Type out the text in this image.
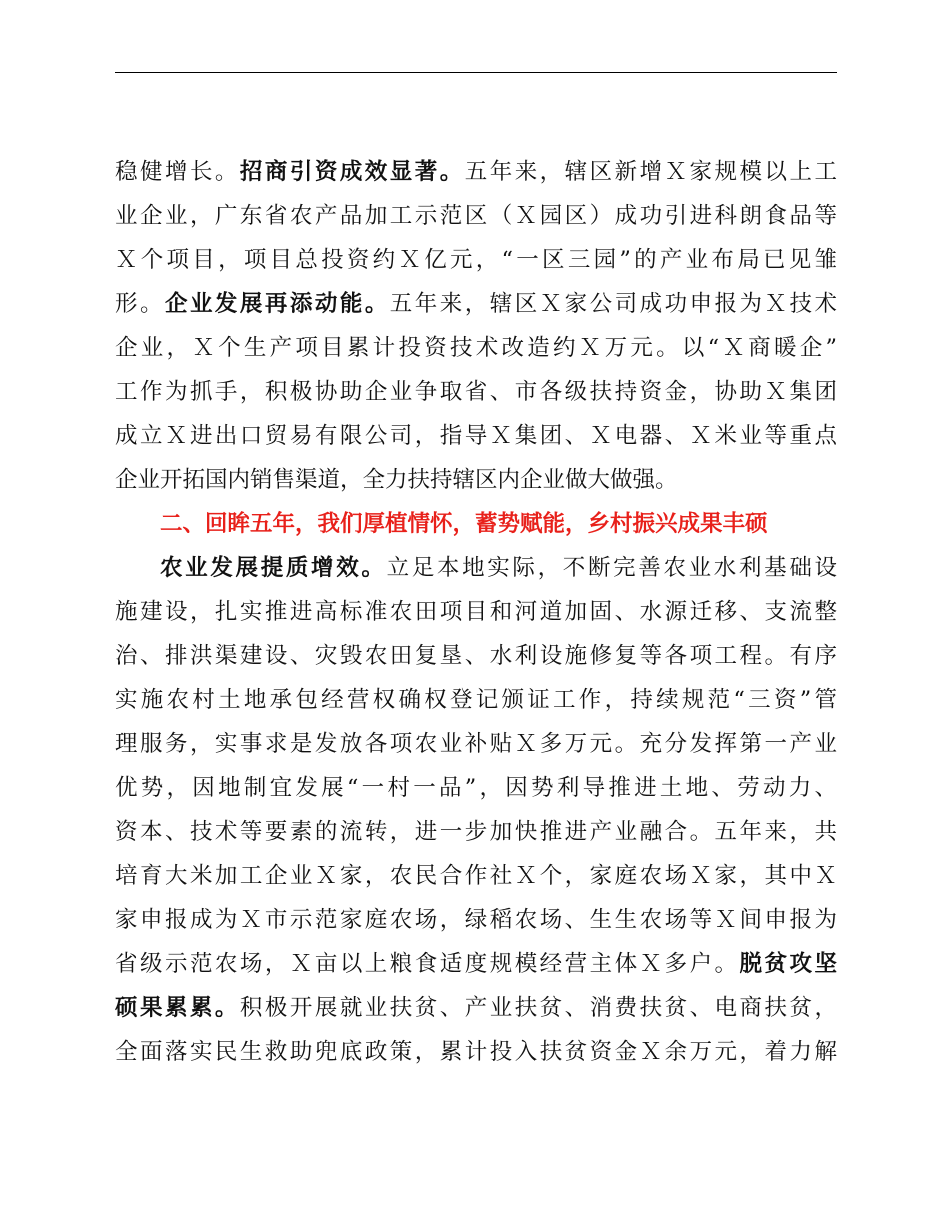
稳健增长。招商引资成效显著。五年来，辖区新增Ｘ家规模以上工
业企业，广东省农产品加工示范区（Ｘ园区）成功引进科朗食品等
Ｘ个项目，项目总投资约Ｘ亿元，“一区三园”的产业布局已见雏
形。企业发展再添动能。五年来，辖区Ｘ家公司成功申报为Ｘ技术
企业，Ｘ个生产项目累计投资技术改造约Ｘ万元。以“Ｘ商暖企”
工作为抓手，积极协助企业争取省、市各级扶持资金，协助Ｘ集团
成立Ｘ进出口贸易有限公司，指导Ｘ集团、Ｘ电器、Ｘ米业等重点
企业开拓国内销售渠道，全力扶持辖区内企业做大做强。
二、回眸五年，我们厚植情怀，蓄势赋能，乡村振兴成果丰硕
农业发展提质增效。立足本地实际，不断完善农业水利基础设
施建设，扎实推进高标准农田项目和河道加固、水源迁移、支流整
治、排洪渠建设、灾毁农田复垦、水利设施修复等各项工程。有序
实施农村土地承包经营权确权登记颁证工作，持续规范“三资”管
理服务，实事求是发放各项农业补贴Ｘ多万元。充分发挥第一产业
优势，因地制宜发展“一村一品”，因势利导推进土地、劳动力、
资本、技术等要素的流转，进一步加快推进产业融合。五年来，共
培育大米加工企业Ｘ家，农民合作社Ｘ个，家庭农场Ｘ家，其中Ｘ
家申报成为Ｘ市示范家庭农场，绿稻农场、生生农场等Ｘ间申报为
省级示范农场，Ｘ亩以上粮食适度规模经营主体Ｘ多户。脱贫攻坚
硕果累累。积极开展就业扶贫、产业扶贫、消费扶贫、电商扶贫，
全面落实民生救助兜底政策，累计投入扶贫资金Ｘ余万元，着力解
